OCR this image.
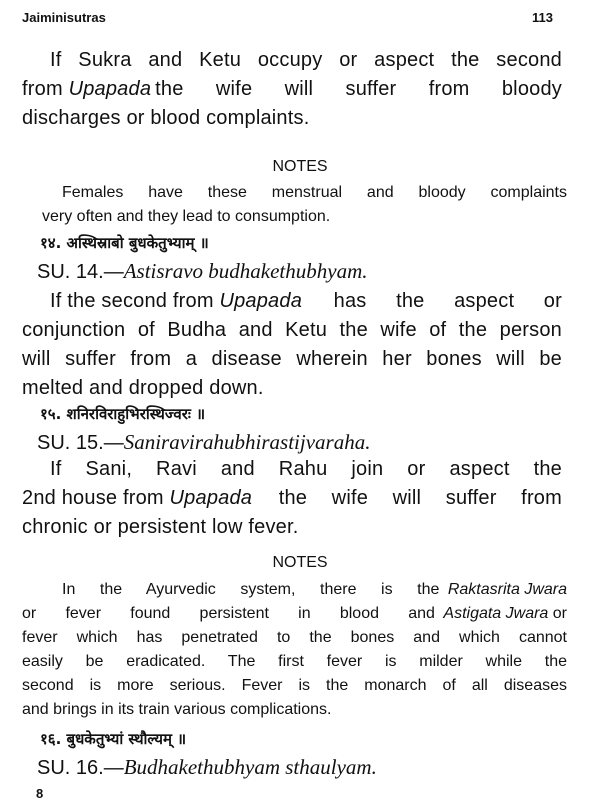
Jaiminisutras	113
If Sukra and Ketu occupy or aspect the second
from Upapada the wife will suffer from bloody
discharges or blood complaints.
NOTES
Females have these menstrual and bloody complaints
very often and they lead to consumption.
१४. अस्थिस्राबो बुधकेतुभ्याम् ॥
SU. 14.—Astisravo budhakethubhyam.
If the second from Upapada has the aspect or
conjunction of Budha and Ketu the wife of the person
will suffer from a disease wherein her bones will be
melted and dropped down.
१५. शनिरविराहुभिरस्थिज्वरः ॥
SU. 15.—Saniravirahubhirastijvaraha.
If Sani, Ravi and Rahu join or aspect the
2nd house from Upapada the wife will suffer from
chronic or persistent low fever.
NOTES
In the Ayurvedic system, there is the Raktasrita Jwara
or fever found persistent in blood and Astigata Jwara or
fever which has penetrated to the bones and which cannot
easily be eradicated. The first fever is milder while the
second is more serious. Fever is the monarch of all diseases
and brings in its train various complications.
१६. बुधकेतुभ्यां स्थौल्यम् ॥
SU. 16.—Budhakethubhyam sthaulyam.
8
